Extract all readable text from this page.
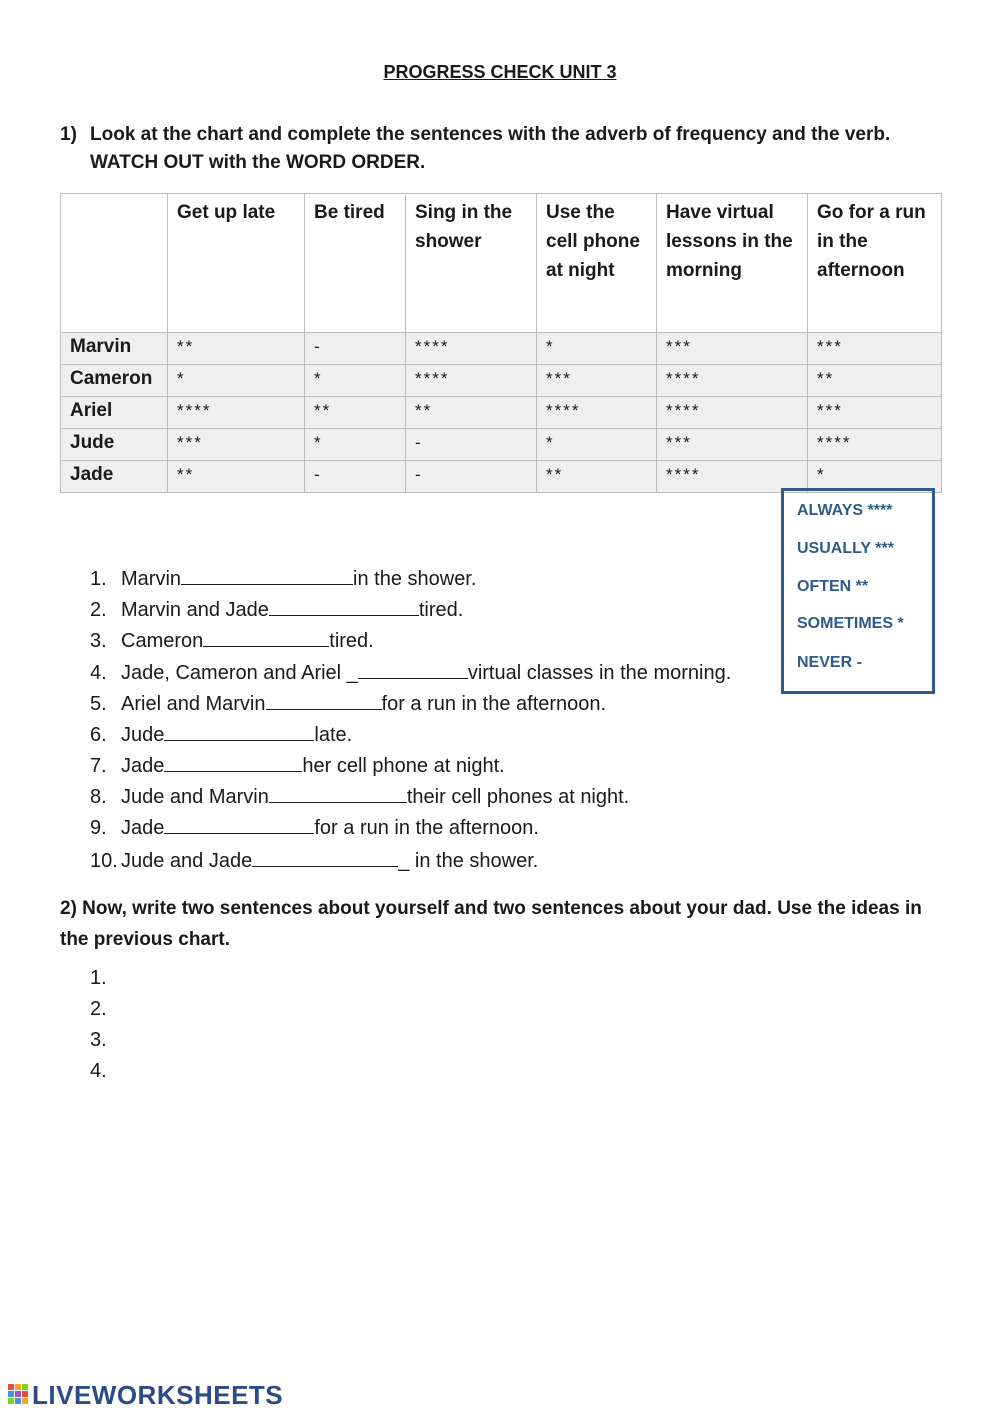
PROGRESS CHECK UNIT 3
1) Look at the chart and complete the sentences with the adverb of frequency and the verb. WATCH OUT with the WORD ORDER.
	Get up late	Be tired	Sing in the shower	Use the cell phone at night	Have virtual lessons in the morning	Go for a run in the afternoon
Marvin	**	-	****	*	***	***
Cameron	*	*	****	***	****	**
Ariel	****	**	**	****	****	***
Jude	***	*	-	*	***	****
Jade	**	-	-	**	****	*
ALWAYS ****
USUALLY ***
OFTEN **
SOMETIMES *
NEVER -
1. Marvin	in the shower.
2. Marvin and Jade	tired.
3. Cameron	tired.
4. Jade, Cameron and Ariel _	virtual classes in the morning.
5. Ariel and Marvin	for a run in the afternoon.
6. Jude	late.
7. Jade	her cell phone at night.
8. Jude and Marvin	their cell phones at night.
9. Jade	for a run in the afternoon.
10. Jude and Jade	_ in the shower.
2) Now, write two sentences about yourself and two sentences about your dad. Use the ideas in the previous chart.
1.
2.
3.
4.
LIVEWORKSHEETS
